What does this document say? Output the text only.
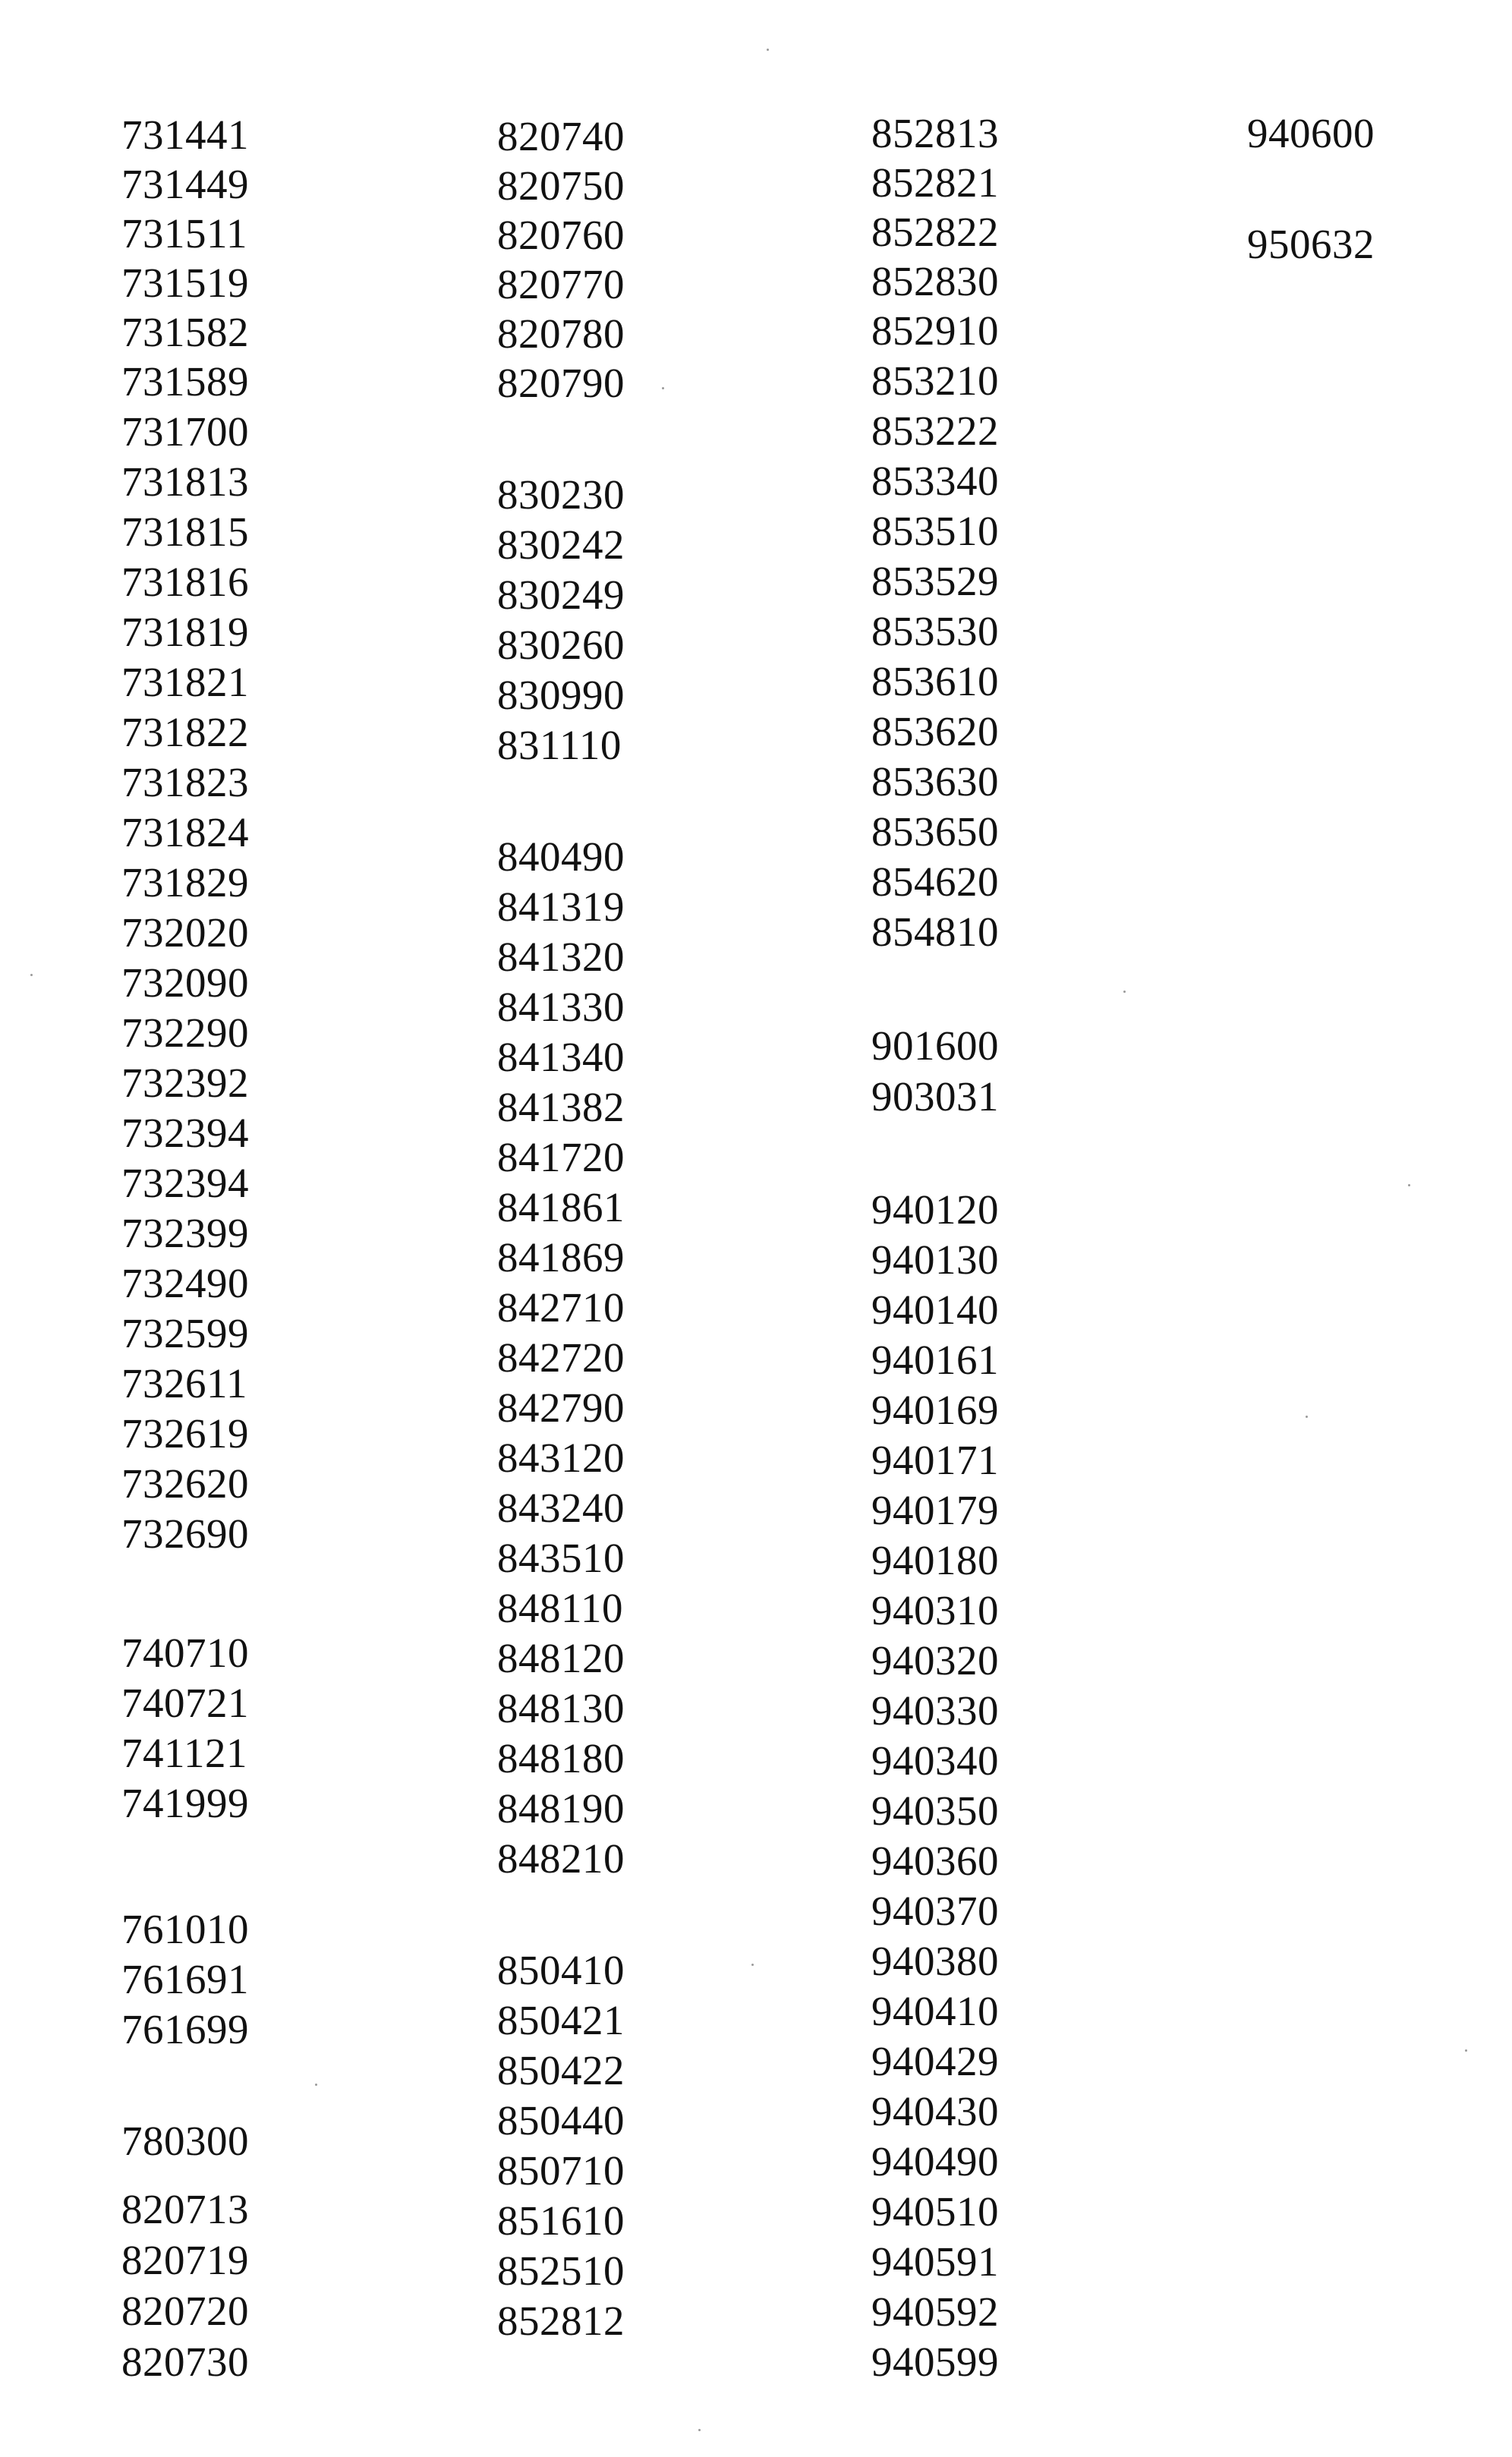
731441
731449
731511
731519
731582
731589
731700
731813
731815
731816
731819
731821
731822
731823
731824
731829
732020
732090
732290
732392
732394
732394
732399
732490
732599
732611
732619
732620
732690
740710
740721
741121
741999
761010
761691
761699
780300
820713
820719
820720
820730
820740
820750
820760
820770
820780
820790
830230
830242
830249
830260
830990
831110
840490
841319
841320
841330
841340
841382
841720
841861
841869
842710
842720
842790
843120
843240
843510
848110
848120
848130
848180
848190
848210
850410
850421
850422
850440
850710
851610
852510
852812
852813
852821
852822
852830
852910
853210
853222
853340
853510
853529
853530
853610
853620
853630
853650
854620
854810
901600
903031
940120
940130
940140
940161
940169
940171
940179
940180
940310
940320
940330
940340
940350
940360
940370
940380
940410
940429
940430
940490
940510
940591
940592
940599
940600
950632
